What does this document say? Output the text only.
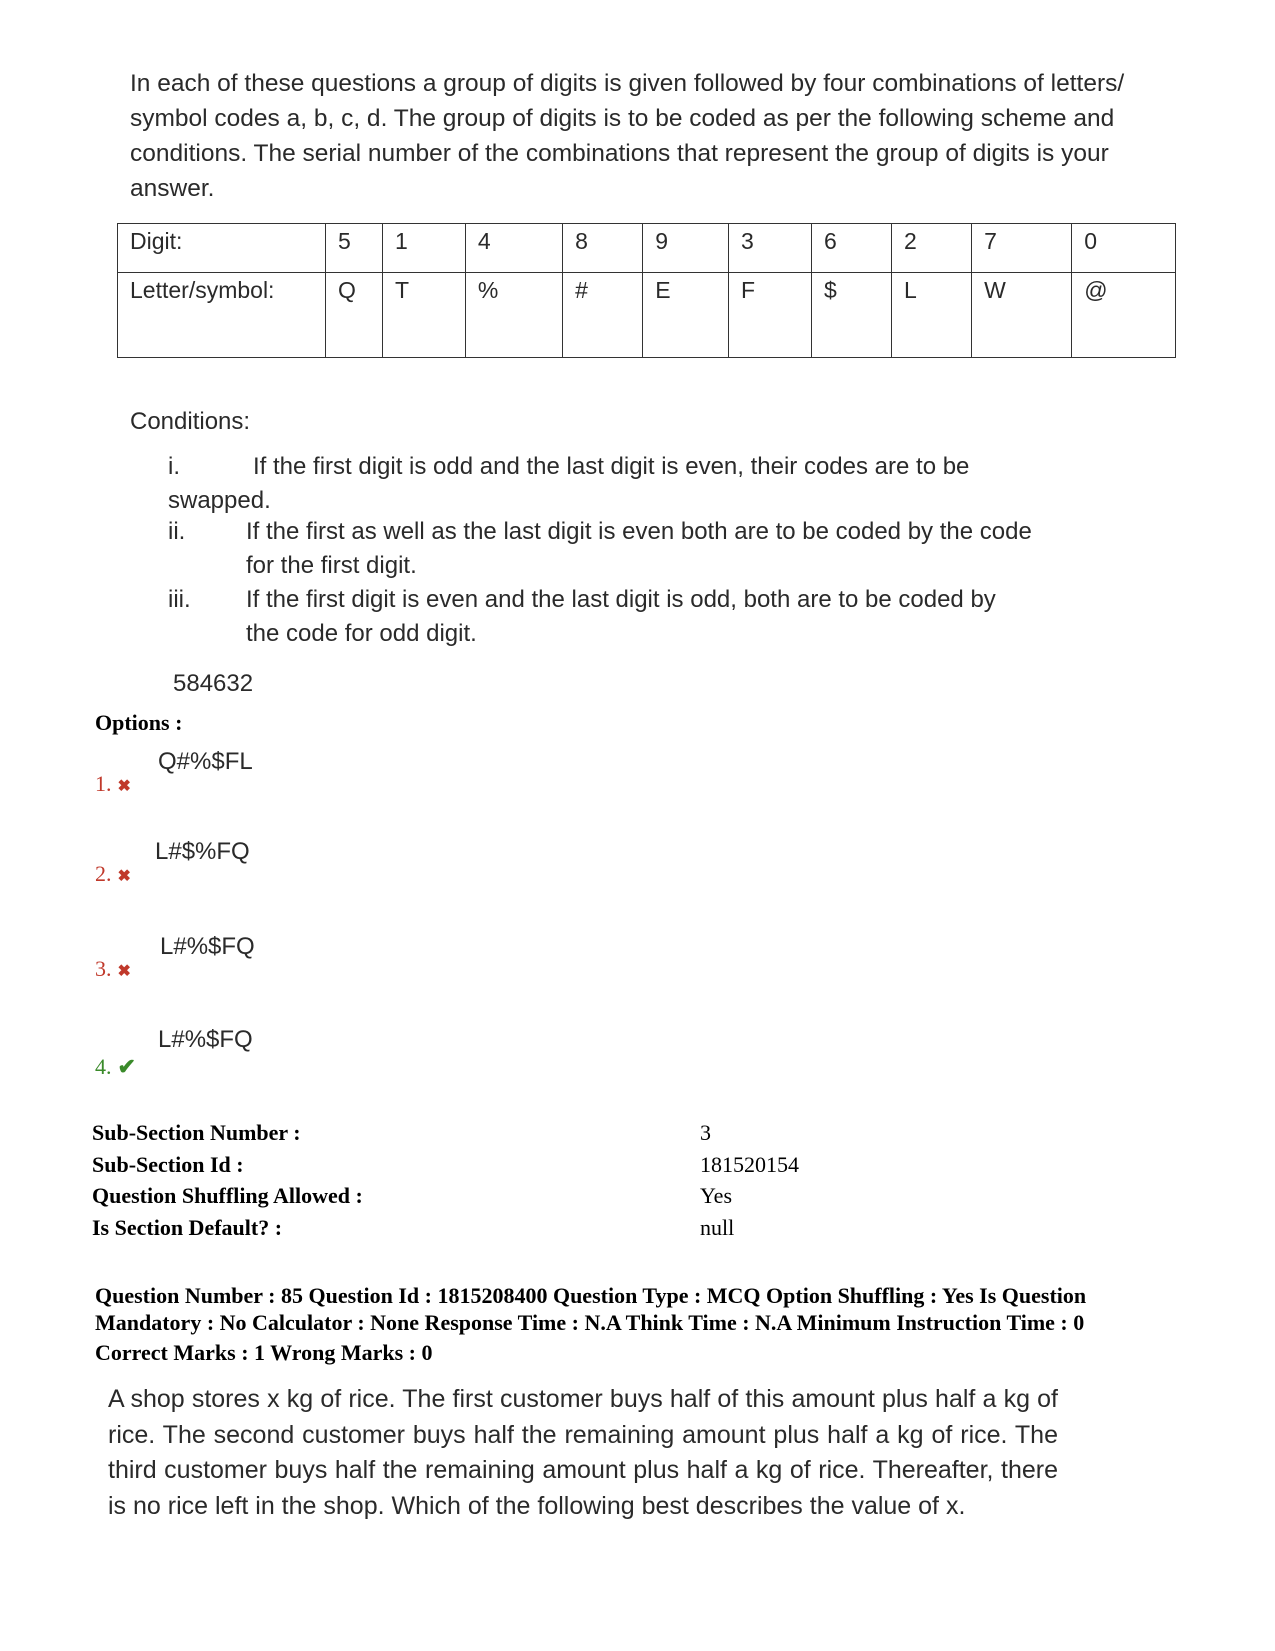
In each of these questions a group of digits is given followed by four combinations of letters/ symbol codes a, b, c, d. The group of digits is to be coded as per the following scheme and conditions. The serial number of the combinations that represent the group of digits is your answer.

Digit:	5	1	4	8	9	3	6	2	7	0
Letter/symbol:	Q	T	%	#	E	F	$	L	W	@
Conditions:
i.	If the first digit is odd and the last digit is even, their codes are to be
swapped.
ii.	If the first as well as the last digit is even both are to be coded by the code
for the first digit.
iii. If the first digit is even and the last digit is odd, both are to be coded by
the code for odd digit.
584632
Options :
Q#%$FL
1. ✖
L#$%FQ
2. ✖
L#%$FQ
3. ✖
L#%$FQ
4. ✔
Sub-Section Number :	3
Sub-Section Id :	181520154
Question Shuffling Allowed :	Yes
Is Section Default? :	null
Question Number : 85 Question Id : 1815208400 Question Type : MCQ Option Shuffling : Yes Is Question
Mandatory : No Calculator : None Response Time : N.A Think Time : N.A Minimum Instruction Time : 0
Correct Marks : 1 Wrong Marks : 0

A shop stores x kg of rice. The first customer buys half of this amount plus half a kg of rice. The second customer buys half the remaining amount plus half a kg of rice. The third customer buys half the remaining amount plus half a kg of rice. Thereafter, there is no rice left in the shop. Which of the following best describes the value of x.
